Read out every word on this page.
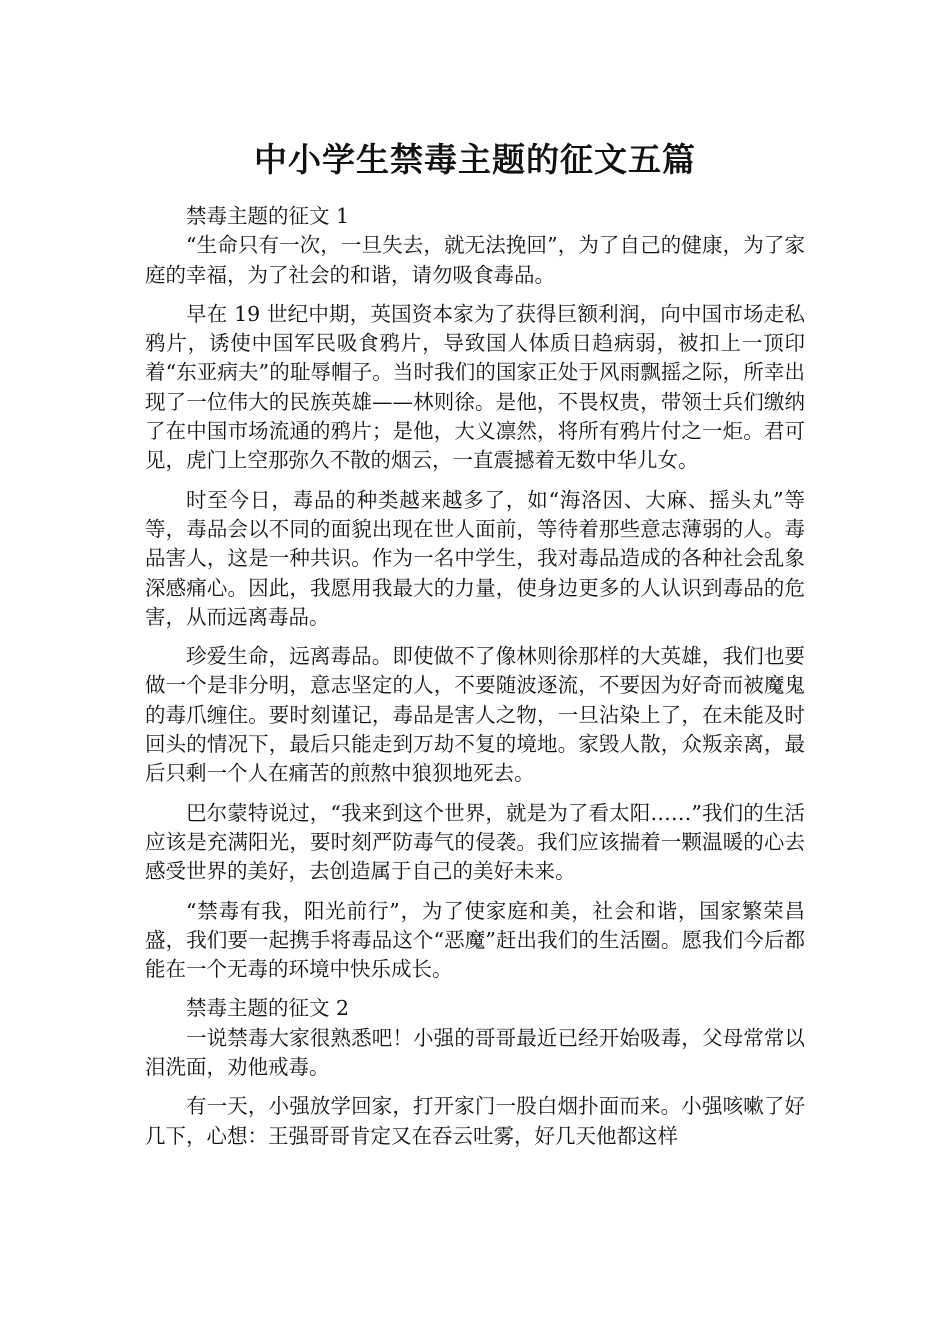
中小学生禁毒主题的征文五篇

禁毒主题的征文 1

“生命只有一次，一旦失去，就无法挽回”，为了自己的健康，为了家庭的幸福，为了社会的和谐，请勿吸食毒品。

早在 19 世纪中期，英国资本家为了获得巨额利润，向中国市场走私鸦片，诱使中国军民吸食鸦片，导致国人体质日趋病弱，被扣上一顶印着“东亚病夫”的耻辱帽子。当时我们的国家正处于风雨飘摇之际，所幸出现了一位伟大的民族英雄——林则徐。是他，不畏权贵，带领士兵们缴纳了在中国市场流通的鸦片；是他，大义凛然，将所有鸦片付之一炬。君可见，虎门上空那弥久不散的烟云，一直震撼着无数中华儿女。

时至今日，毒品的种类越来越多了，如“海洛因、大麻、摇头丸”等等，毒品会以不同的面貌出现在世人面前，等待着那些意志薄弱的人。毒品害人，这是一种共识。作为一名中学生，我对毒品造成的各种社会乱象深感痛心。因此，我愿用我最大的力量，使身边更多的人认识到毒品的危害，从而远离毒品。

珍爱生命，远离毒品。即使做不了像林则徐那样的大英雄，我们也要做一个是非分明，意志坚定的人，不要随波逐流，不要因为好奇而被魔鬼的毒爪缠住。要时刻谨记，毒品是害人之物，一旦沾染上了，在未能及时回头的情况下，最后只能走到万劫不复的境地。家毁人散，众叛亲离，最后只剩一个人在痛苦的煎熬中狼狈地死去。

巴尔蒙特说过，“我来到这个世界，就是为了看太阳……”我们的生活应该是充满阳光，要时刻严防毒气的侵袭。我们应该揣着一颗温暖的心去感受世界的美好，去创造属于自己的美好未来。

“禁毒有我，阳光前行”，为了使家庭和美，社会和谐，国家繁荣昌盛，我们要一起携手将毒品这个“恶魔”赶出我们的生活圈。愿我们今后都能在一个无毒的环境中快乐成长。

禁毒主题的征文 2

一说禁毒大家很熟悉吧！小强的哥哥最近已经开始吸毒，父母常常以泪洗面，劝他戒毒。

有一天，小强放学回家，打开家门一股白烟扑面而来。小强咳嗽了好几下，心想：王强哥哥肯定又在吞云吐雾，好几天他都这样
